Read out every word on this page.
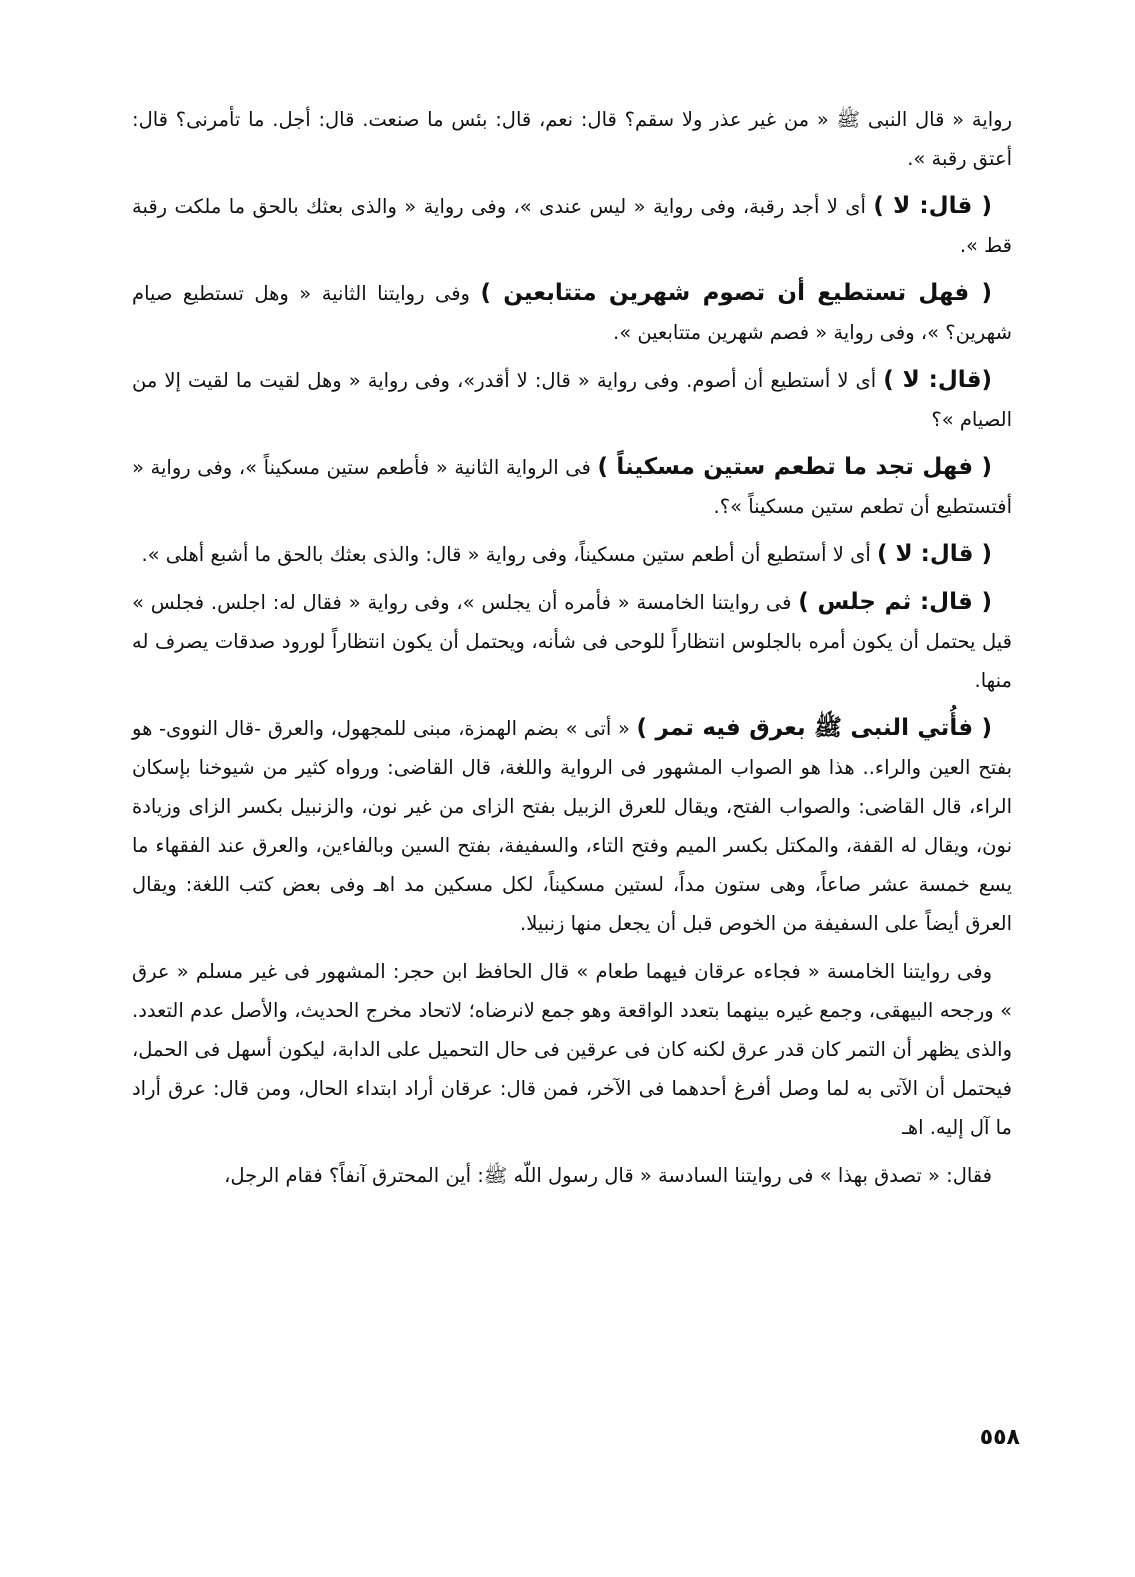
رواية « قال النبى ﷺ « من غير عذر ولا سقم؟ قال: نعم، قال: بئس ما صنعت. قال: أجل. ما تأمرنى؟ قال: أعتق رقبة ».

( قال: لا ) أى لا أجد رقبة، وفى رواية « ليس عندى »، وفى رواية « والذى بعثك بالحق ما ملكت رقبة قط ».

( فهل تستطيع أن تصوم شهرين متتابعين ) وفى روايتنا الثانية « وهل تستطيع صيام شهرين؟ »، وفى رواية « فصم شهرين متتابعين ».

(قال: لا ) أى لا أستطيع أن أصوم. وفى رواية « قال: لا أقدر»، وفى رواية « وهل لقيت ما لقيت إلا من الصيام »؟

( فهل تجد ما تطعم ستين مسكيناً ) فى الرواية الثانية « فأطعم ستين مسكيناً »، وفى رواية « أفتستطيع أن تطعم ستين مسكيناً »؟.

( قال: لا ) أى لا أستطيع أن أطعم ستين مسكيناً، وفى رواية « قال: والذى بعثك بالحق ما أشبع أهلى ».

( قال: ثم جلس ) فى روايتنا الخامسة « فأمره أن يجلس »، وفى رواية « فقال له: اجلس. فجلس » قيل يحتمل أن يكون أمره بالجلوس انتظاراً للوحى فى شأنه، ويحتمل أن يكون انتظاراً لورود صدقات يصرف له منها.

( فأُتي النبى ﷺ بعرق فيه تمر ) « أتى » بضم الهمزة، مبنى للمجهول، والعرق -قال النووى- هو بفتح العين والراء.. هذا هو الصواب المشهور فى الرواية واللغة، قال القاضى: ورواه كثير من شيوخنا بإسكان الراء، قال القاضى: والصواب الفتح، ويقال للعرق الزبيل بفتح الزاى من غير نون، والزنبيل بكسر الزاى وزيادة نون، ويقال له القفة، والمكتل بكسر الميم وفتح التاء، والسفيفة، بفتح السين وبالفاءين، والعرق عند الفقهاء ما يسع خمسة عشر صاعاً، وهى ستون مداً، لستين مسكيناً، لكل مسكين مد اهـ وفى بعض كتب اللغة: ويقال العرق أيضاً على السفيفة من الخوص قبل أن يجعل منها زنبيلا.

وفى روايتنا الخامسة « فجاءه عرقان فيهما طعام » قال الحافظ ابن حجر: المشهور فى غير مسلم « عرق » ورجحه البيهقى، وجمع غيره بينهما بتعدد الواقعة وهو جمع لانرضاه؛ لاتحاد مخرج الحديث، والأصل عدم التعدد. والذى يظهر أن التمر كان قدر عرق لكنه كان فى عرقين فى حال التحميل على الدابة، ليكون أسهل فى الحمل، فيحتمل أن الآتى به لما وصل أفرغ أحدهما فى الآخر، فمن قال: عرقان أراد ابتداء الحال، ومن قال: عرق أراد ما آل إليه. اهـ

فقال: « تصدق بهذا » فى روايتنا السادسة « قال رسول اللّه ﷺ: أين المحترق آنفاً؟ فقام الرجل،

٥٥٨
